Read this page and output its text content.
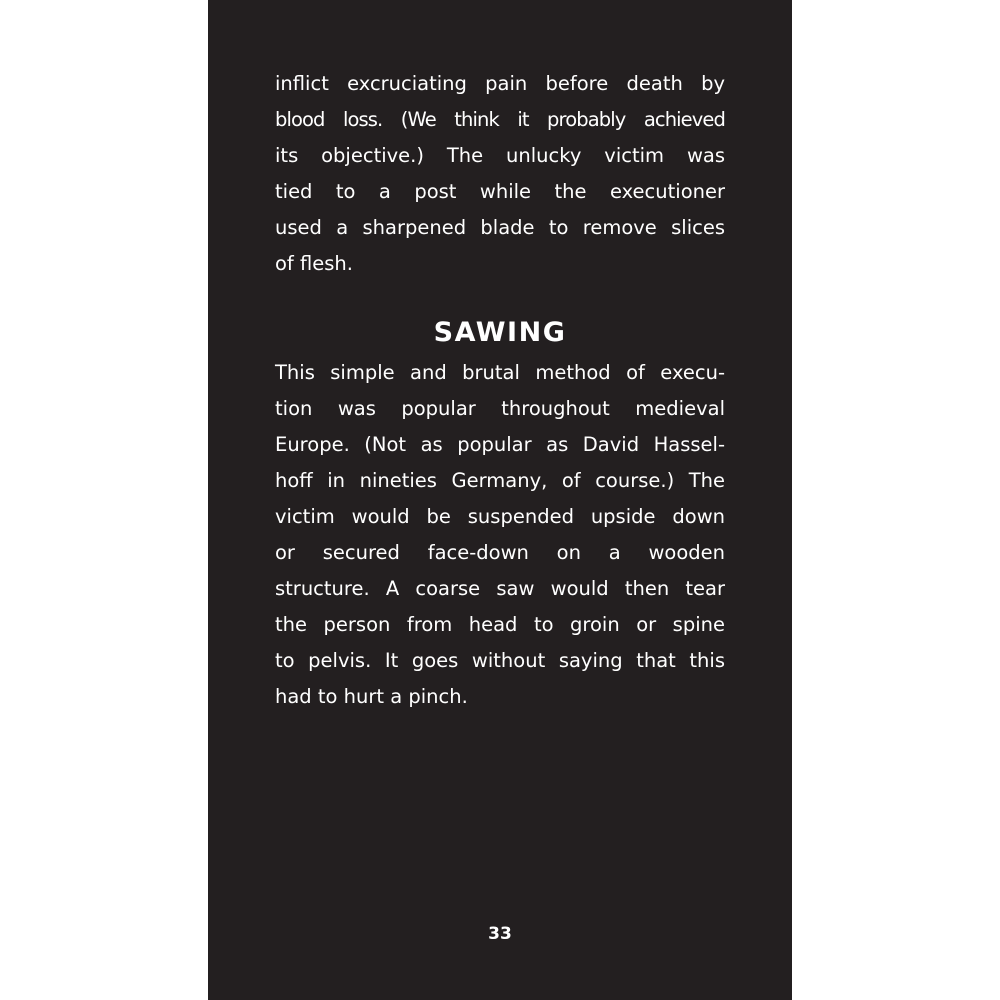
inflict excruciating pain before death by
blood loss. (We think it probably achieved
its objective.) The unlucky victim was
tied to a post while the executioner
used a sharpened blade to remove slices
of flesh.
SAWING
This simple and brutal method of execu-
tion was popular throughout medieval
Europe. (Not as popular as David Hassel-
hoff in nineties Germany, of course.) The
victim would be suspended upside down
or secured face-down on a wooden
structure. A coarse saw would then tear
the person from head to groin or spine
to pelvis. It goes without saying that this
had to hurt a pinch.
33
